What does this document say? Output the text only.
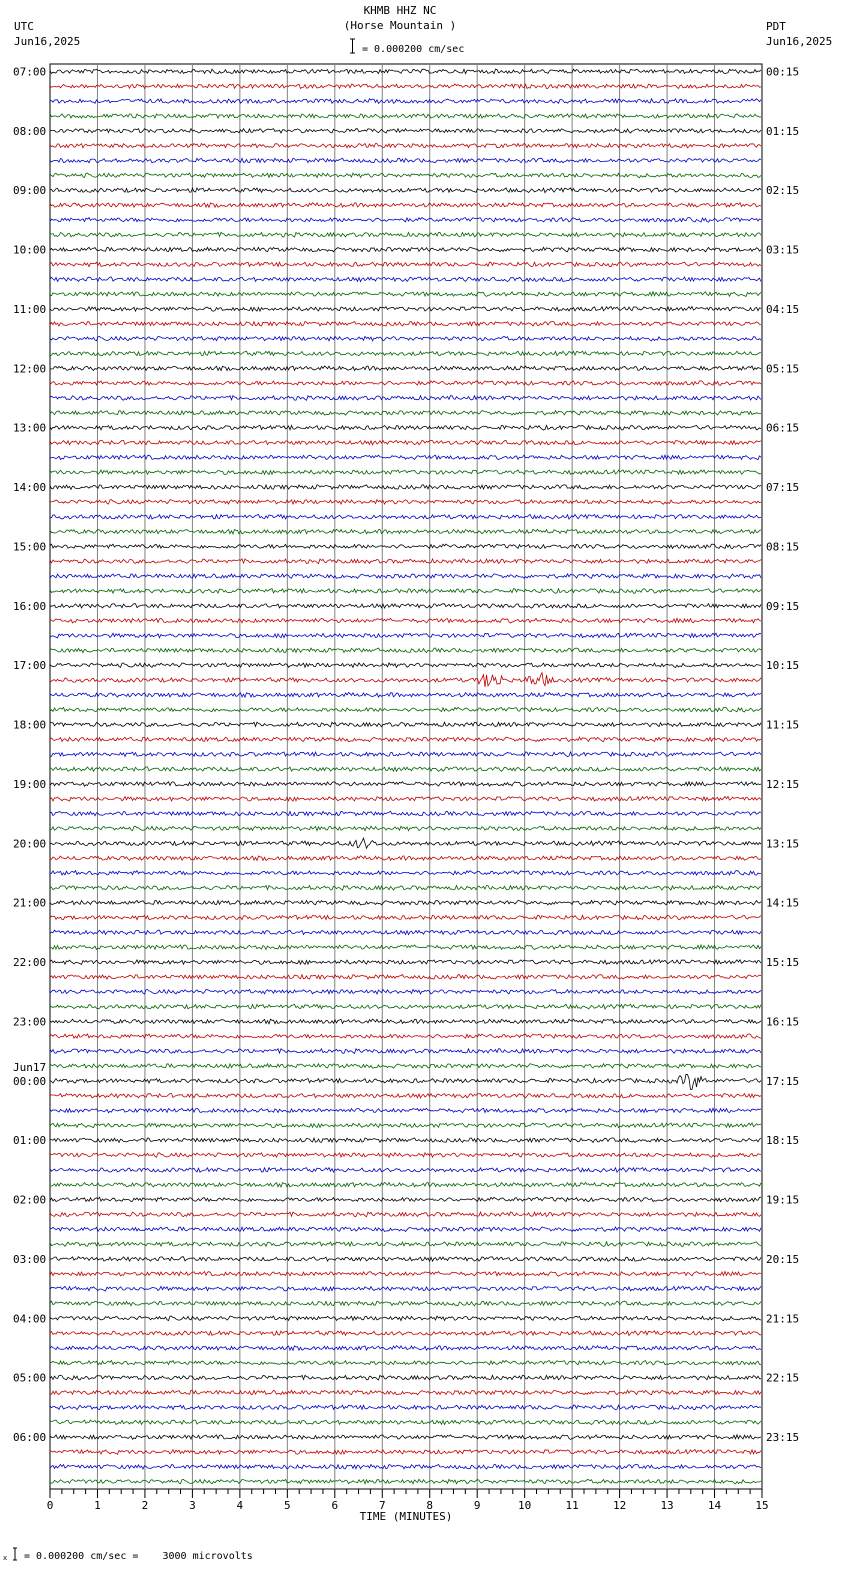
KHMB HHZ NC
(Horse Mountain )
= 0.000200 cm/sec
UTC
Jun16,2025
PDT
Jun16,2025
07:00	00:15
08:00	01:15
09:00	02:15
10:00	03:15
11:00	04:15
12:00	05:15
13:00	06:15
14:00	07:15
15:00	08:15
16:00	09:15
17:00	10:15
18:00	11:15
19:00	12:15
20:00	13:15
21:00	14:15
22:00	15:15
23:00	16:15
00:00	17:15
Jun17
01:00	18:15
02:00	19:15
03:00	20:15
04:00	21:15
05:00	22:15
06:00	23:15
0	1	2	3	4	5	6	7	8	9	10	11	12	13	14	15
TIME (MINUTES)
x = 0.000200 cm/sec =    3000 microvolts
